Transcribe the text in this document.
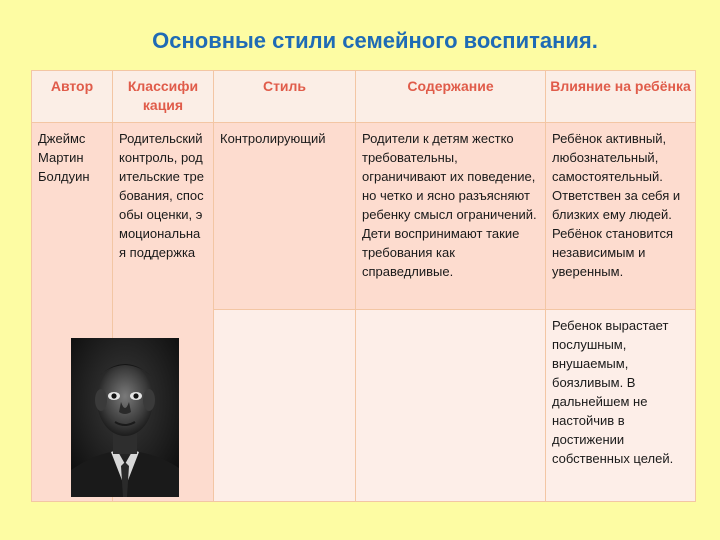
Основные стили семейного воспитания.
Автор	Классифи кация	Стиль	Содержание	Влияние на ребёнка
Джеймс Мартин Болдуин	Родительский контроль, родительские требования, способы оценки, эмоциональная поддержка	Контролирующий	Родители к детям жестко требовательны, ограничивают их поведение, но четко и ясно разъясняют ребенку смысл ограничений. Дети воспринимают такие требования как справедливые.	Ребёнок активный, любознательный, самостоятельный. Ответствен за себя и близких ему людей. Ребёнок становится независимым и уверенным.
				Ребенок вырастает послушным, внушаемым, боязливым. В дальнейшем не настойчив в достижении собственных целей.
